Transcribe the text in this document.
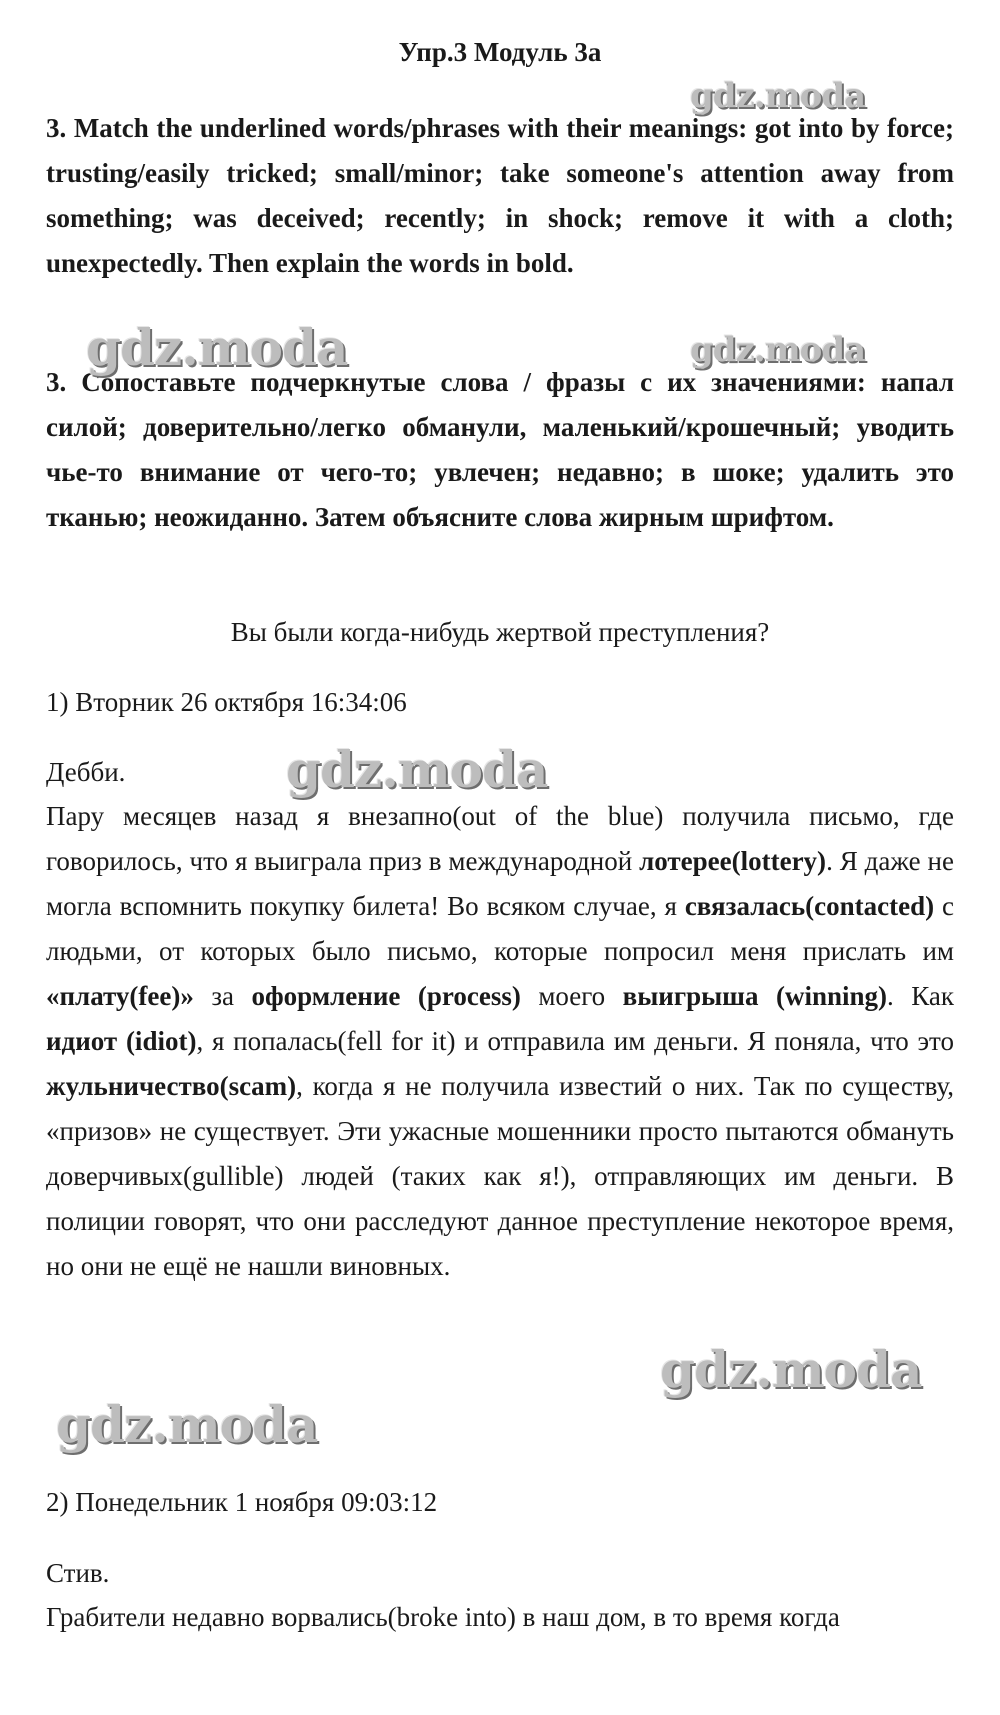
Упр.3 Модуль 3а
3. Match the underlined words/phrases with their meanings: got into by force; trusting/easily tricked; small/minor; take someone's attention away from something; was deceived; recently; in shock; remove it with a cloth; unexpectedly. Then explain the words in bold.
3. Сопоставьте подчеркнутые слова / фразы с их значениями: напал силой; доверительно/легко обманули, маленький/крошечный; уводить чье-то внимание от чего-то; увлечен; недавно; в шоке; удалить это тканью; неожиданно. Затем объясните слова жирным шрифтом.
Вы были когда-нибудь жертвой преступления?
1) Вторник 26 октября 16:34:06
Дебби.
Пару месяцев назад я внезапно(out of the blue) получила письмо, где говорилось, что я выиграла приз в международной лотерее(lottery). Я даже не могла вспомнить покупку билета! Во всяком случае, я связалась(contacted) с людьми, от которых было письмо, которые попросил меня прислать им «плату(fee)» за оформление (process) моего выигрыша (winning). Как идиот (idiot), я попалась(fell for it) и отправила им деньги. Я поняла, что это жульничество(scam), когда я не получила известий о них. Так по существу, «призов» не существует. Эти ужасные мошенники просто пытаются обмануть доверчивых(gullible) людей (таких как я!), отправляющих им деньги. В полиции говорят, что они расследуют данное преступление некоторое время, но они не ещё не нашли виновных.
2) Понедельник 1 ноября 09:03:12
Стив.
Грабители недавно ворвались(broke into) в наш дом, в то время когда
gdz.moda
gdz.moda	gdz.moda
gdz.moda
gdz.moda
gdz.moda
